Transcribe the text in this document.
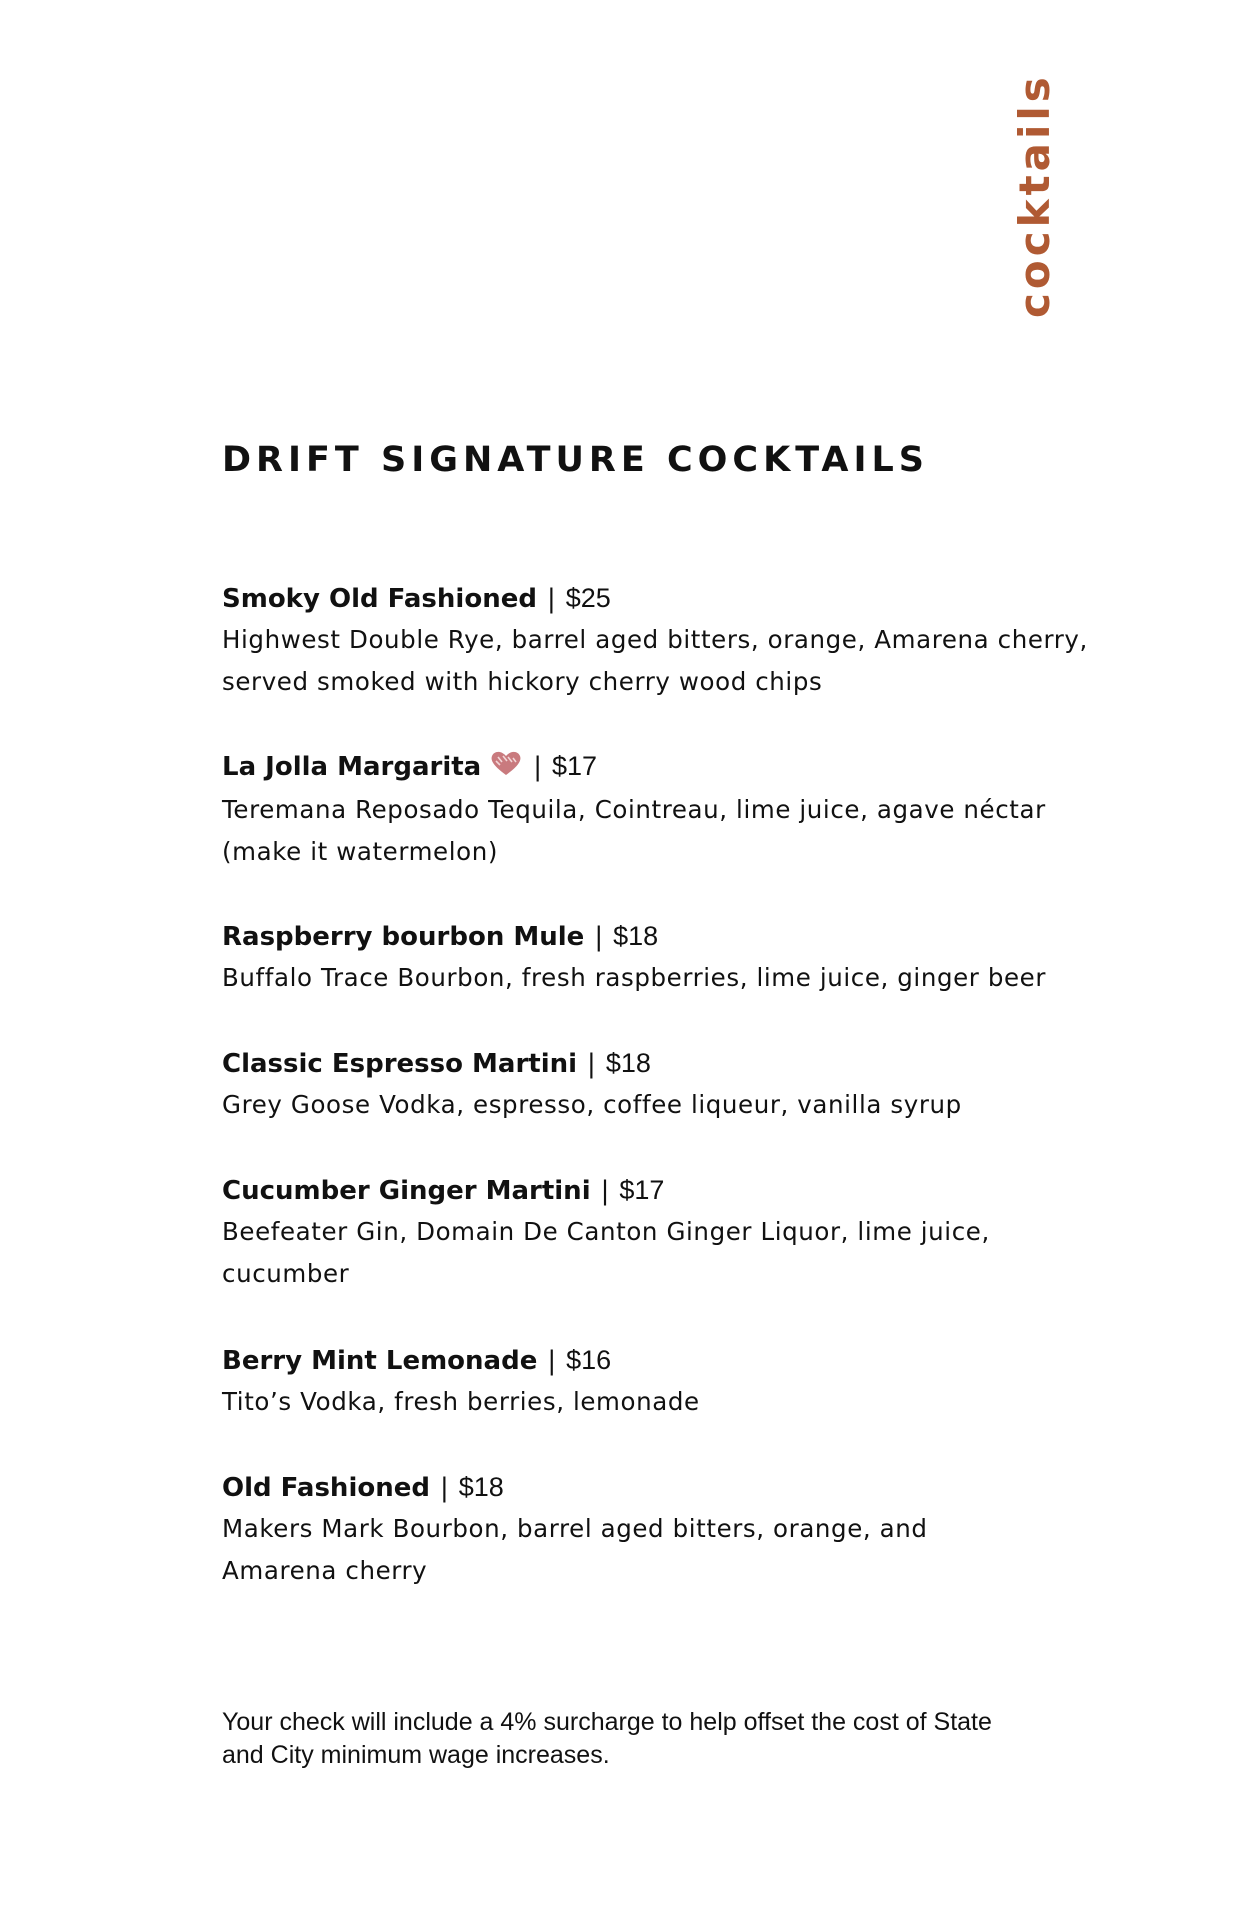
cocktails
DRIFT SIGNATURE COCKTAILS
Smoky Old Fashioned | $25

Highwest Double Rye, barrel aged bitters, orange, Amarena cherry,
served smoked with hickory cherry wood chips

La Jolla Margarita | $17

Teremana Reposado Tequila, Cointreau, lime juice, agave néctar
(make it watermelon)

Raspberry bourbon Mule | $18

Buffalo Trace Bourbon, fresh raspberries, lime juice, ginger beer

Classic Espresso Martini | $18

Grey Goose Vodka, espresso, coffee liqueur, vanilla syrup

Cucumber Ginger Martini | $17

Beefeater Gin, Domain De Canton Ginger Liquor, lime juice,
cucumber

Berry Mint Lemonade | $16

Tito’s Vodka, fresh berries, lemonade

Old Fashioned | $18

Makers Mark Bourbon, barrel aged bitters, orange, and
Amarena cherry

Your check will include a 4% surcharge to help offset the cost of State
and City minimum wage increases.
